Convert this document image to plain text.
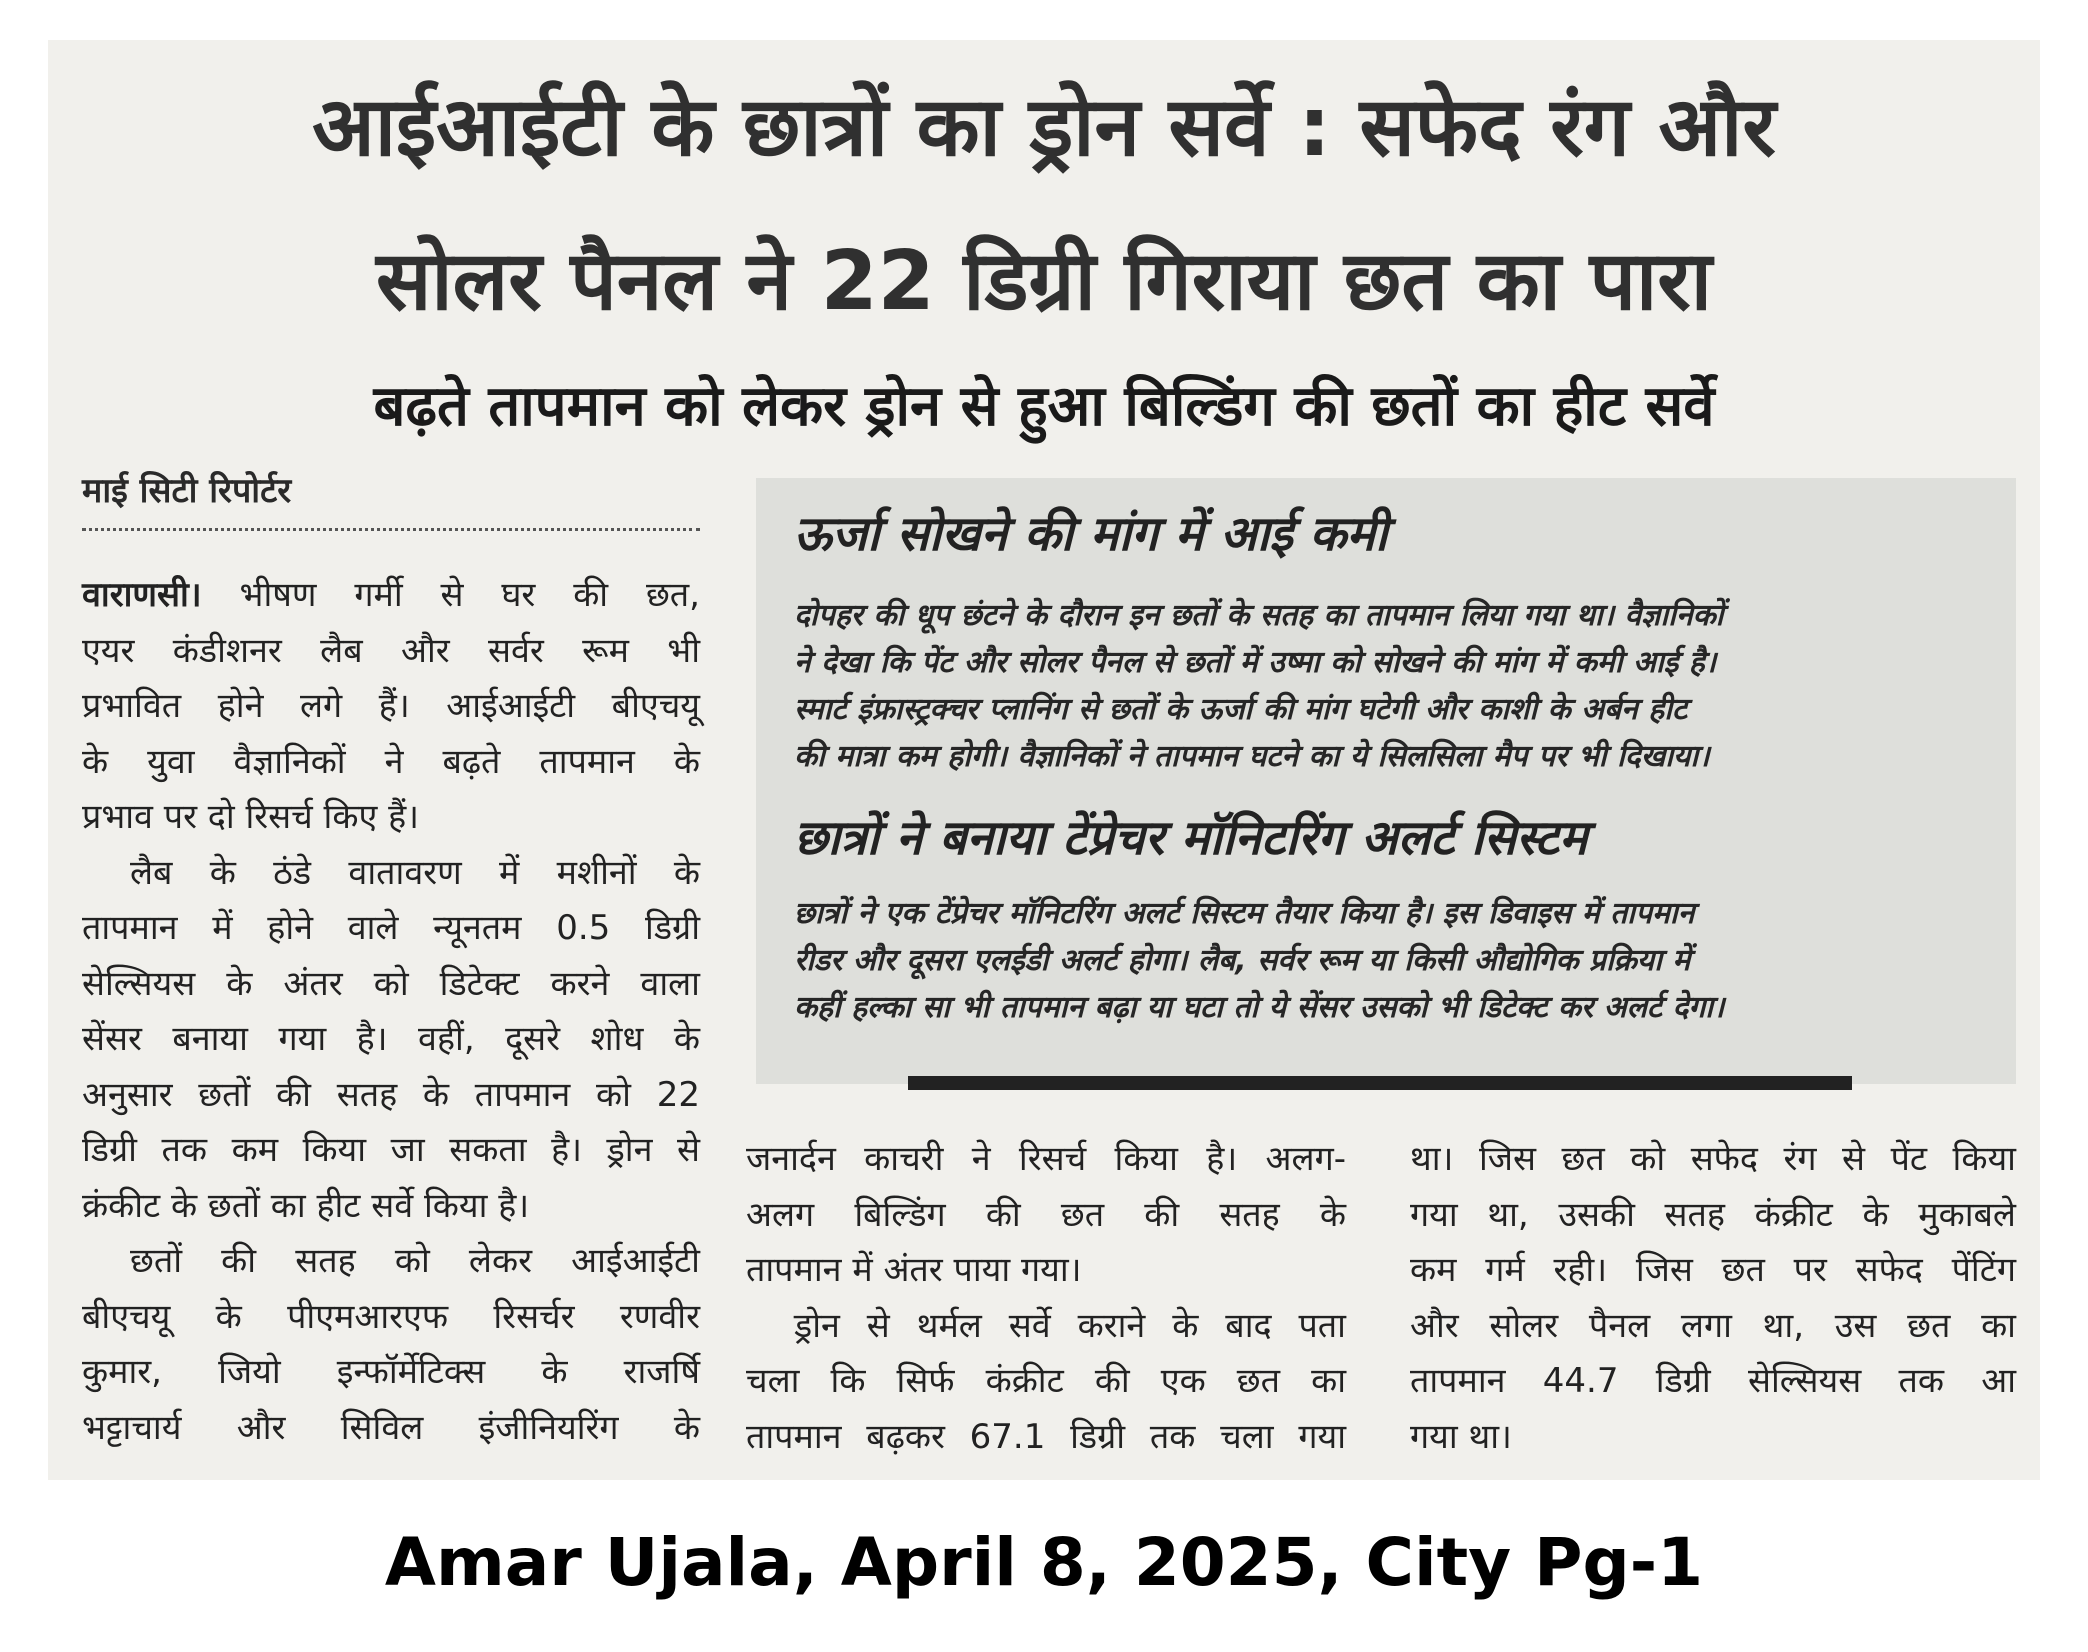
आईआईटी के छात्रों का ड्रोन सर्वे : सफेद रंग और
सोलर पैनल ने 22 डिग्री गिराया छत का पारा
बढ़ते तापमान को लेकर ड्रोन से हुआ बिल्डिंग की छतों का हीट सर्वे
माई सिटी रिपोर्टर
वाराणसी। भीषण गर्मी से घर की छत,
एयर कंडीशनर लैब और सर्वर रूम भी
प्रभावित होने लगे हैं। आईआईटी बीएचयू
के युवा वैज्ञानिकों ने बढ़ते तापमान के
प्रभाव पर दो रिसर्च किए हैं।
लैब के ठंडे वातावरण में मशीनों के
तापमान में होने वाले न्यूनतम 0.5 डिग्री
सेल्सियस के अंतर को डिटेक्ट करने वाला
सेंसर बनाया गया है। वहीं, दूसरे शोध के
अनुसार छतों की सतह के तापमान को 22
डिग्री तक कम किया जा सकता है। ड्रोन से
क्रंकीट के छतों का हीट सर्वे किया है।
छतों की सतह को लेकर आईआईटी
बीएचयू के पीएमआरएफ रिसर्चर रणवीर
कुमार, जियो इन्फॉर्मेटिक्स के राजर्षि
भट्टाचार्य और सिविल इंजीनियरिंग के
ऊर्जा सोखने की मांग में आई कमी
दोपहर की धूप छंटने के दौरान इन छतों के सतह का तापमान लिया गया था। वैज्ञानिकों
ने देखा कि पेंट और सोलर पैनल से छतों में उष्मा को सोखने की मांग में कमी आई है।
स्मार्ट इंफ्रास्ट्रक्चर प्लानिंग से छतों के ऊर्जा की मांग घटेगी और काशी के अर्बन हीट
की मात्रा कम होगी। वैज्ञानिकों ने तापमान घटने का ये सिलसिला मैप पर भी दिखाया।
छात्रों ने बनाया टेंप्रेचर मॉनिटरिंग अलर्ट सिस्टम
छात्रों ने एक टेंप्रेचर मॉनिटरिंग अलर्ट सिस्टम तैयार किया है। इस डिवाइस में तापमान
रीडर और दूसरा एलईडी अलर्ट होगा। लैब, सर्वर रूम या किसी औद्योगिक प्रक्रिया में
कहीं हल्का सा भी तापमान बढ़ा या घटा तो ये सेंसर उसको भी डिटेक्ट कर अलर्ट देगा।
जनार्दन काचरी ने रिसर्च किया है। अलग-
अलग बिल्डिंग की छत की सतह के
तापमान में अंतर पाया गया।
ड्रोन से थर्मल सर्वे कराने के बाद पता
चला कि सिर्फ कंक्रीट की एक छत का
तापमान बढ़कर 67.1 डिग्री तक चला गया
था। जिस छत को सफेद रंग से पेंट किया
गया था, उसकी सतह कंक्रीट के मुकाबले
कम गर्म रही। जिस छत पर सफेद पेंटिंग
और सोलर पैनल लगा था, उस छत का
तापमान 44.7 डिग्री सेल्सियस तक आ
गया था।
Amar Ujala, April 8, 2025, City Pg-1
